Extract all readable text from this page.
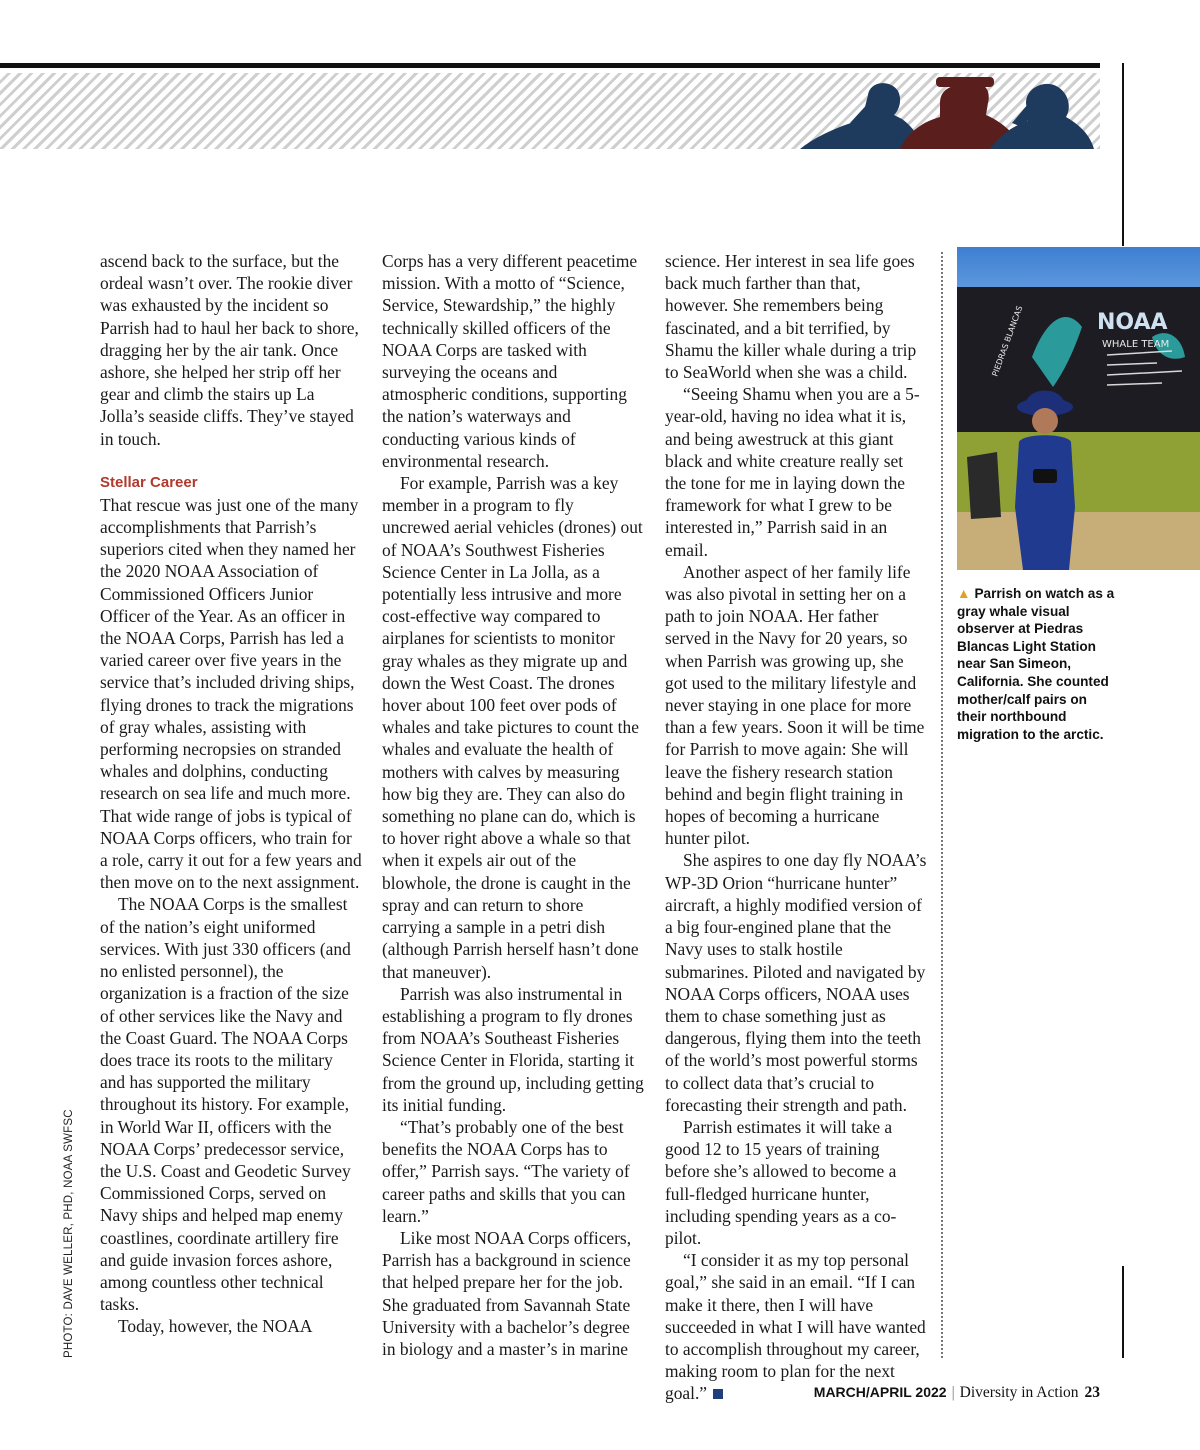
ascend back to the surface, but the ordeal wasn’t over. The rookie diver was exhausted by the incident so Parrish had to haul her back to shore, dragging her by the air tank. Once ashore, she helped her strip off her gear and climb the stairs up La Jolla’s seaside cliffs. They’ve stayed in touch.

Stellar Career

That rescue was just one of the many accomplishments that Parrish’s superiors cited when they named her the 2020 NOAA Association of Commissioned Officers Junior Officer of the Year. As an officer in the NOAA Corps, Parrish has led a varied career over five years in the service that’s included driving ships, flying drones to track the migrations of gray whales, assisting with performing necropsies on stranded whales and dolphins, conducting research on sea life and much more. That wide range of jobs is typical of NOAA Corps officers, who train for a role, carry it out for a few years and then move on to the next assignment.

The NOAA Corps is the smallest of the nation’s eight uniformed services. With just 330 officers (and no enlisted personnel), the organization is a fraction of the size of other services like the Navy and the Coast Guard. The NOAA Corps does trace its roots to the military and has supported the military throughout its history. For example, in World War II, officers with the NOAA Corps’ predecessor service, the U.S. Coast and Geodetic Survey Commissioned Corps, served on Navy ships and helped map enemy coastlines, coordinate artillery fire and guide invasion forces ashore, among countless other technical tasks.

Today, however, the NOAA

Corps has a very different peacetime mission. With a motto of “Science, Service, Stewardship,” the highly technically skilled officers of the NOAA Corps are tasked with surveying the oceans and atmospheric conditions, supporting the nation’s waterways and conducting various kinds of environmental research.

For example, Parrish was a key member in a program to fly uncrewed aerial vehicles (drones) out of NOAA’s Southwest Fisheries Science Center in La Jolla, as a potentially less intrusive and more cost-effective way compared to airplanes for scientists to monitor gray whales as they migrate up and down the West Coast. The drones hover about 100 feet over pods of whales and take pictures to count the whales and evaluate the health of mothers with calves by measuring how big they are. They can also do something no plane can do, which is to hover right above a whale so that when it expels air out of the blowhole, the drone is caught in the spray and can return to shore carrying a sample in a petri dish (although Parrish herself hasn’t done that maneuver).

Parrish was also instrumental in establishing a program to fly drones from NOAA’s Southeast Fisheries Science Center in Florida, starting it from the ground up, including getting its initial funding.

“That’s probably one of the best benefits the NOAA Corps has to offer,” Parrish says. “The variety of career paths and skills that you can learn.”

Like most NOAA Corps officers, Parrish has a background in science that helped prepare her for the job. She graduated from Savannah State University with a bachelor’s degree in biology and a master’s in marine

science. Her interest in sea life goes back much farther than that, however. She remembers being fascinated, and a bit terrified, by Shamu the killer whale during a trip to SeaWorld when she was a child.

“Seeing Shamu when you are a 5-year-old, having no idea what it is, and being awestruck at this giant black and white creature really set the tone for me in laying down the framework for what I grew to be interested in,” Parrish said in an email.

Another aspect of her family life was also pivotal in setting her on a path to join NOAA. Her father served in the Navy for 20 years, so when Parrish was growing up, she got used to the military lifestyle and never staying in one place for more than a few years. Soon it will be time for Parrish to move again: She will leave the fishery research station behind and begin flight training in hopes of becoming a hurricane hunter pilot.

She aspires to one day fly NOAA’s WP-3D Orion “hurricane hunter” aircraft, a highly modified version of a big four-engined plane that the Navy uses to stalk hostile submarines. Piloted and navigated by NOAA Corps officers, NOAA uses them to chase something just as dangerous, flying them into the teeth of the world’s most powerful storms to collect data that’s crucial to forecasting their strength and path.

Parrish estimates it will take a good 12 to 15 years of training before she’s allowed to become a full-fledged hurricane hunter, including spending years as a co-pilot.

“I consider it as my top personal goal,” she said in an email. “If I can make it there, then I will have succeeded in what I will have wanted to accomplish throughout my career, making room to plan for the next goal.”

NOAA
WHALE TEAM
PIEDRAS BLANCAS
▲ Parrish on watch as a gray whale visual observer at Piedras Blancas Light Station near San Simeon, California. She counted mother/calf pairs on their northbound migration to the arctic.
PHOTO: DAVE WELLER, PHD, NOAA SWFSC
MARCH/APRIL 2022 | Diversity in Action 23
